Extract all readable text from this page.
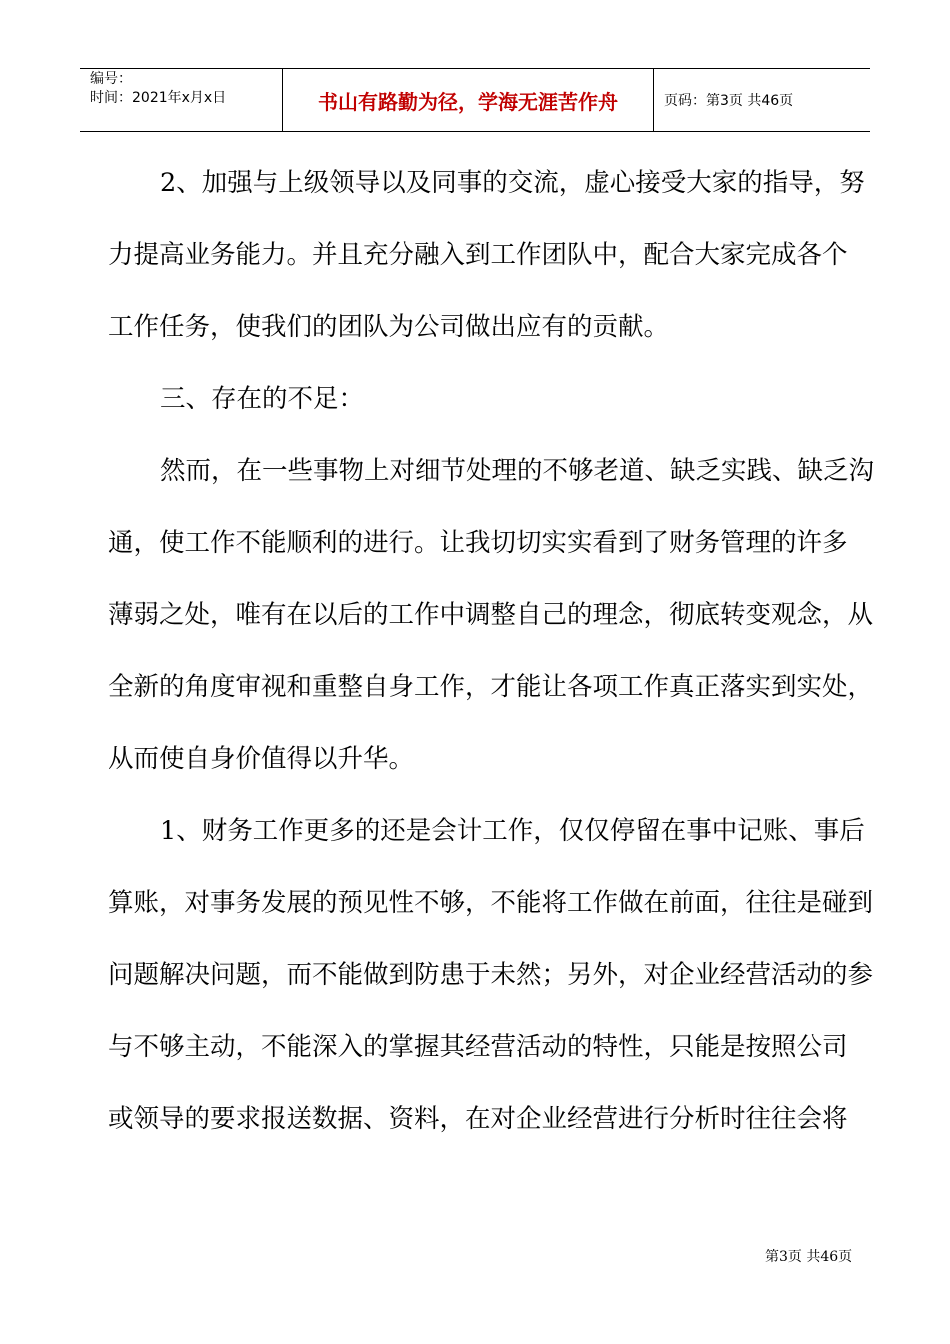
编号：
时间：2021年x月x日	书山有路勤为径，学海无涯苦作舟	页码：第3页 共46页
2、加强与上级领导以及同事的交流，虚心接受大家的指导，努
力提高业务能力。并且充分融入到工作团队中，配合大家完成各个
工作任务，使我们的团队为公司做出应有的贡献。
三、存在的不足：
然而，在一些事物上对细节处理的不够老道、缺乏实践、缺乏沟
通，使工作不能顺利的进行。让我切切实实看到了财务管理的许多
薄弱之处，唯有在以后的工作中调整自己的理念，彻底转变观念，从
全新的角度审视和重整自身工作，才能让各项工作真正落实到实处，
从而使自身价值得以升华。
1、财务工作更多的还是会计工作，仅仅停留在事中记账、事后
算账，对事务发展的预见性不够，不能将工作做在前面，往往是碰到
问题解决问题，而不能做到防患于未然；另外，对企业经营活动的参
与不够主动，不能深入的掌握其经营活动的特性，只能是按照公司
或领导的要求报送数据、资料，在对企业经营进行分析时往往会将
第3页 共46页
